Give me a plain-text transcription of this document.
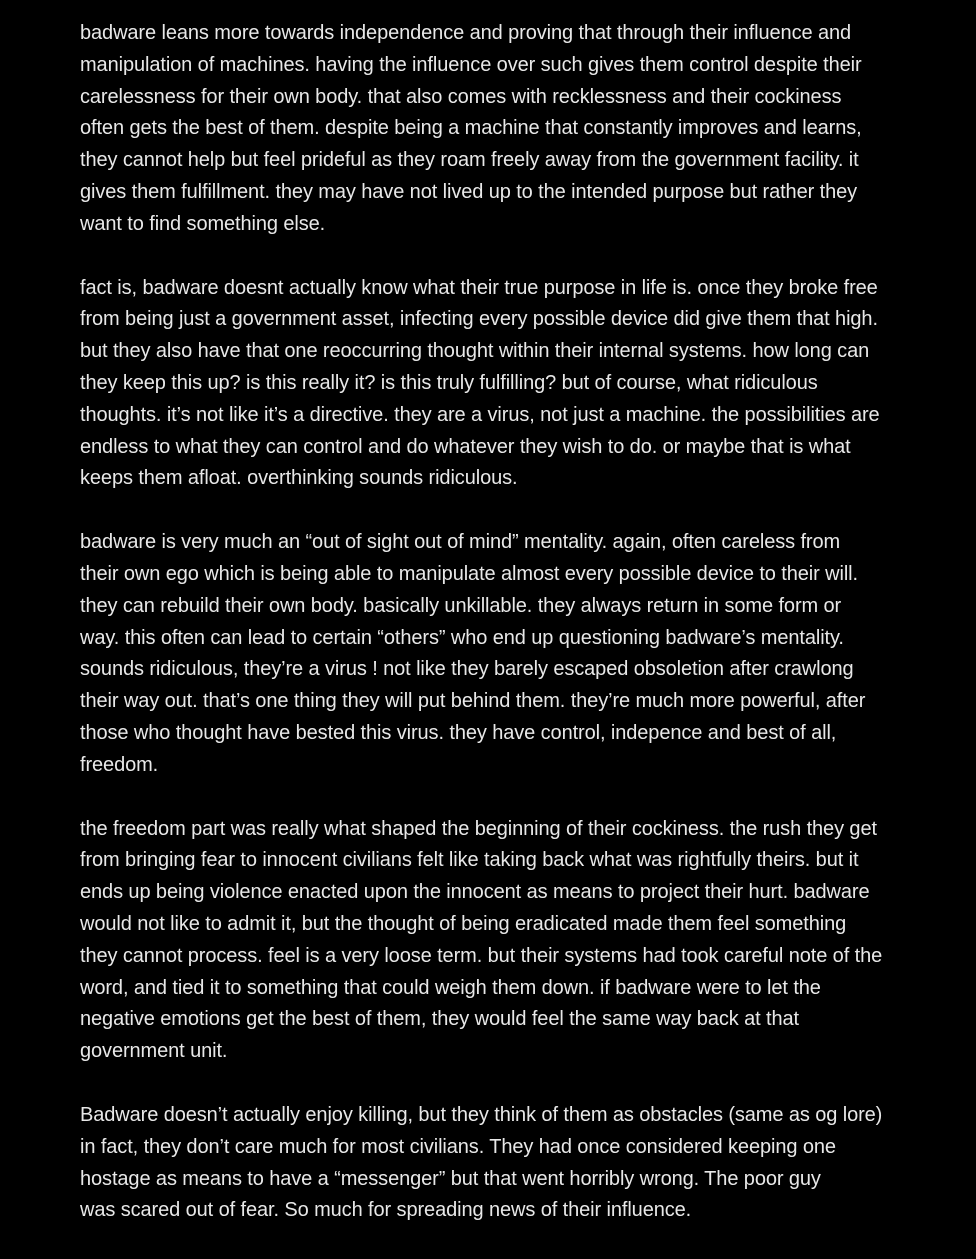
badware leans more towards independence and proving that through their influence and
manipulation of machines. having the influence over such gives them control despite their
carelessness for their own body. that also comes with recklessness and their cockiness
often gets the best of them. despite being a machine that constantly improves and learns,
they cannot help but feel prideful as they roam freely away from the government facility. it
gives them fulfillment. they may have not lived up to the intended purpose but rather they
want to find something else.
fact is, badware doesnt actually know what their true purpose in life is. once they broke free
from being just a government asset, infecting every possible device did give them that high.
but they also have that one reoccurring thought within their internal systems. how long can
they keep this up? is this really it? is this truly fulfilling? but of course, what ridiculous
thoughts. it’s not like it’s a directive. they are a virus, not just a machine. the possibilities are
endless to what they can control and do whatever they wish to do. or maybe that is what
keeps them afloat. overthinking sounds ridiculous.
badware is very much an “out of sight out of mind” mentality. again, often careless from
their own ego which is being able to manipulate almost every possible device to their will.
they can rebuild their own body. basically unkillable. they always return in some form or
way. this often can lead to certain “others” who end up questioning badware’s mentality.
sounds ridiculous, they’re a virus ! not like they barely escaped obsoletion after crawlong
their way out. that’s one thing they will put behind them. they’re much more powerful, after
those who thought have bested this virus. they have control, indepence and best of all,
freedom.
the freedom part was really what shaped the beginning of their cockiness. the rush they get
from bringing fear to innocent civilians felt like taking back what was rightfully theirs. but it
ends up being violence enacted upon the innocent as means to project their hurt. badware
would not like to admit it, but the thought of being eradicated made them feel something
they cannot process. feel is a very loose term. but their systems had took careful note of the
word, and tied it to something that could weigh them down. if badware were to let the
negative emotions get the best of them, they would feel the same way back at that
government unit.
Badware doesn’t actually enjoy killing, but they think of them as obstacles (same as og lore)
in fact, they don’t care much for most civilians. They had once considered keeping one
hostage as means to have a “messenger” but that went horribly wrong. The poor guy
was scared out of fear. So much for spreading news of their influence.
